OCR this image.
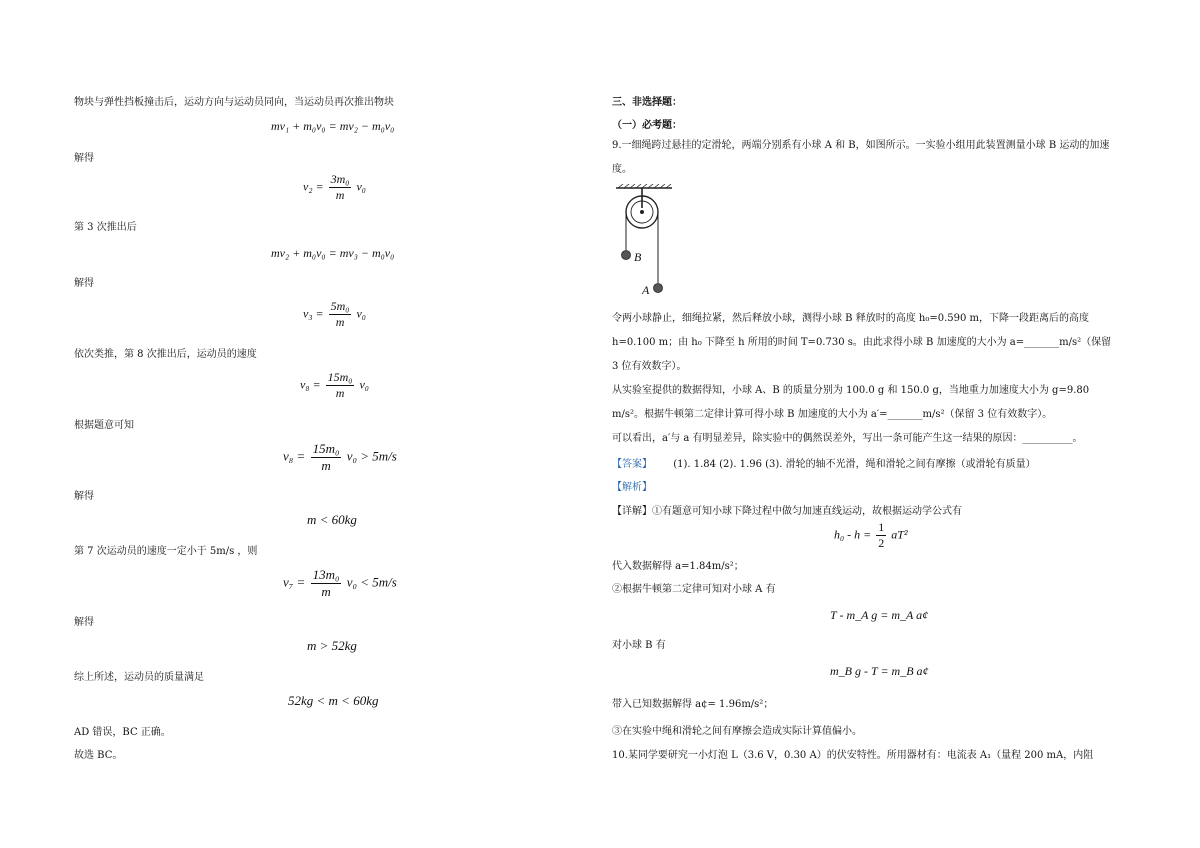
物块与弹性挡板撞击后，运动方向与运动员同向，当运动员再次推出物块
mv₁ + m₀v₀ = mv₂ − m₀v₀
解得
$v_2 = \frac{\text{3m₀}}{m} v_0$
第 3 次推出后
mv₂ + m₀v₀ = mv₃ − m₀v₀
解得
$v_3 = \frac{\text{5m₀}}{m} v_0$
依次类推，第 8 次推出后，运动员的速度
$v_8 = \frac{\text{15m₀}}{m} v_0$
根据题意可知
$v_8 = \frac{\text{15m₀}}{m} v_0 > 5m/s$
解得
m < 60kg
第 7 次运动员的速度一定小于 5m/s ，则
$v_7 = \frac{\text{13m₀}}{m} v_0 < 5m/s$
解得
m > 52kg
综上所述，运动员的质量满足
52kg < m < 60kg
AD 错误，BC 正确。
故选 BC。
三、非选择题：
（一）必考题：
9.一细绳跨过悬挂的定滑轮，两端分别系有小球 A 和 B，如图所示。一实验小组用此装置测量小球 B 运动的加速度。
B
A
令两小球静止，细绳拉紧，然后释放小球，测得小球 B 释放时的高度 h₀=0.590 m，下降一段距离后的高度 h=0.100 m；由 h₀ 下降至 h 所用的时间 T=0.730 s。由此求得小球 B 加速度的大小为 a=_______m/s²（保留 3 位有效数字）。
从实验室提供的数据得知，小球 A、B 的质量分别为 100.0 g 和 150.0 g，当地重力加速度大小为 g=9.80 m/s²。根据牛顿第二定律计算可得小球 B 加速度的大小为 a′=_______m/s²（保留 3 位有效数字）。
可以看出，a′与 a 有明显差异，除实验中的偶然误差外，写出一条可能产生这一结果的原因：__________。
【答案】 (1). 1.84 (2). 1.96 (3). 滑轮的轴不光滑，绳和滑轮之间有摩擦（或滑轮有质量）
【解析】
【详解】①有题意可知小球下降过程中做匀加速直线运动，故根据运动学公式有
$h_0 - h = \frac{1}{2} aT^2$
代入数据解得 a=1.84m/s²；
②根据牛顿第二定律可知对小球 A 有
T - m_A g = m_A a¢
对小球 B 有
m_B g - T = m_B a¢
带入已知数据解得 a¢= 1.96m/s²；
③在实验中绳和滑轮之间有摩擦会造成实际计算值偏小。
10.某同学要研究一小灯泡 L（3.6 V，0.30 A）的伏安特性。所用器材有：电流表 A₁（量程 200 mA，内阻
